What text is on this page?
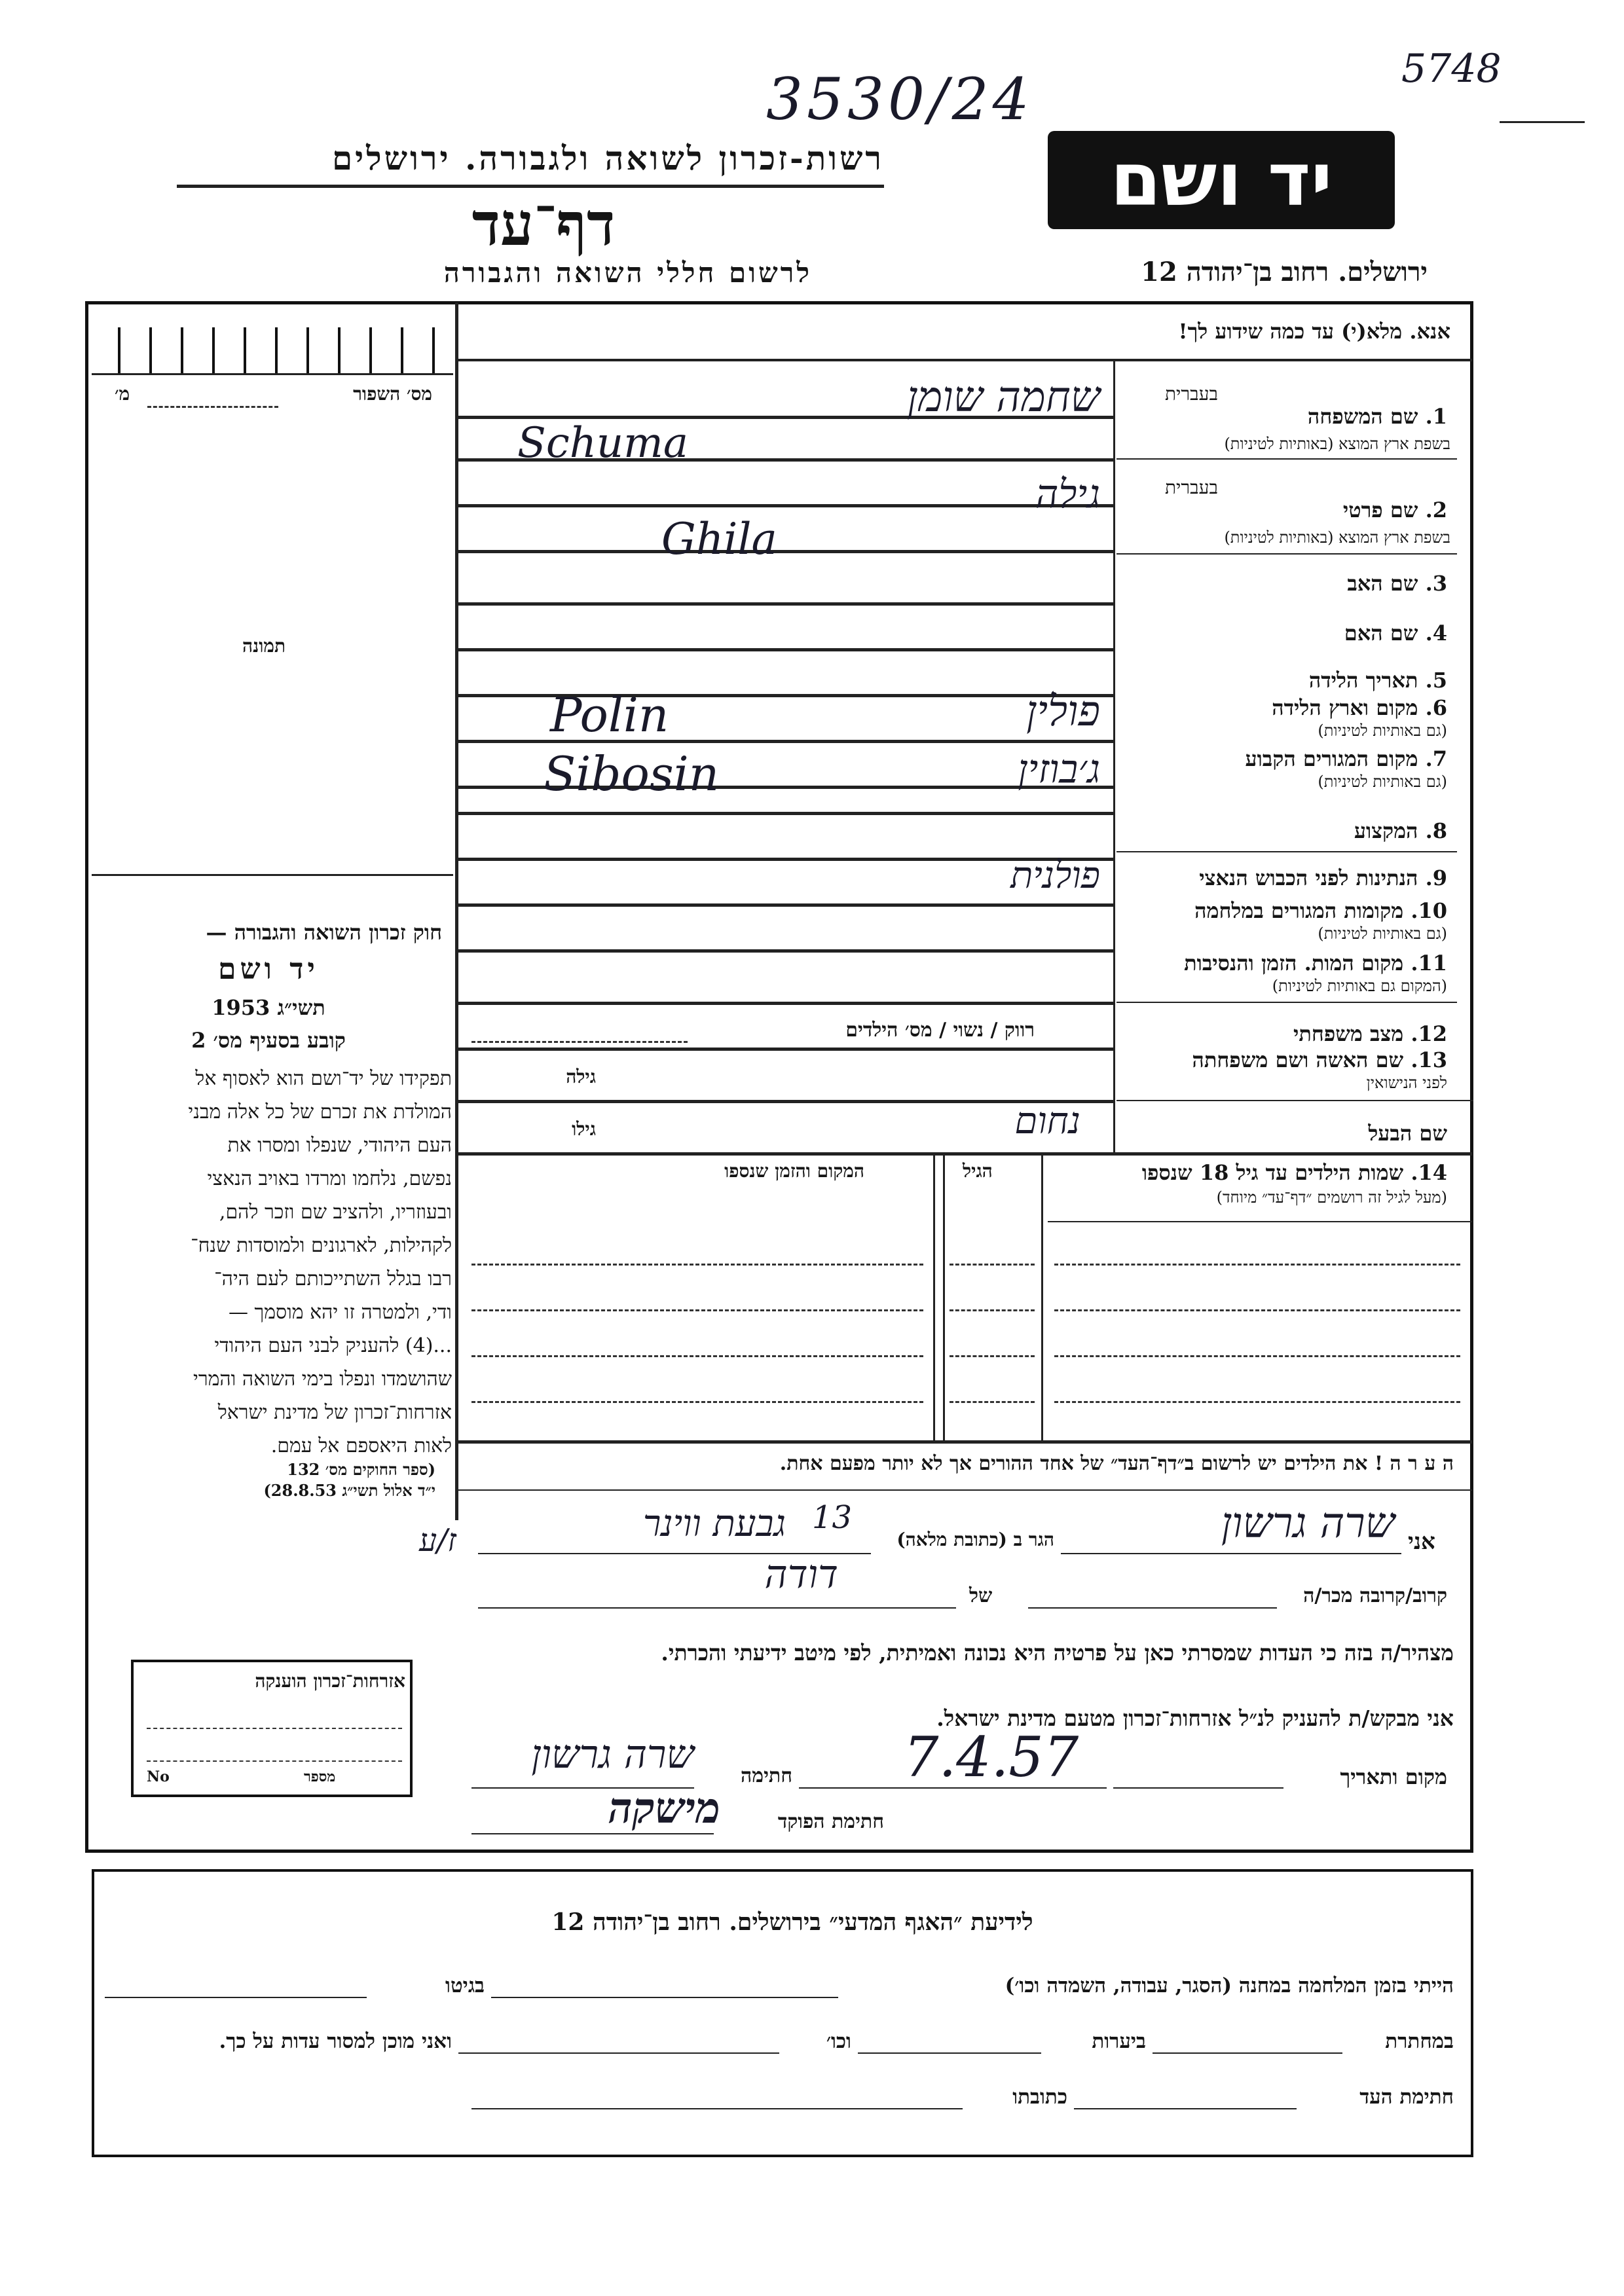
3530/24	5748
רשות-זכרון לשואה ולגבורה. ירושלים	יד ושם
דף־עד
לרשום חללי השואה והגבורה	ירושלים. רחוב בן־יהודה 12
אנא. מלא(י) עד כמה שידוע לך!
מס׳ השפור
מ׳
תמונה
בעברית
1. שם המשפחה
בשפת ארץ המוצא (באותיות לטיניות)
שחמה שומן
Schuma
בעברית
2. שם פרטי
בשפת ארץ המוצא (באותיות לטיניות)
גילה
Ghila
3. שם האב
4. שם האם
5. תאריך הלידה
6. מקום וארץ הלידה
(גם באותיות לטיניות)
פולין
Polin
7. מקום המגורים הקבוע
(גם באותיות לטיניות)
ג׳בוזין
Sibosin
8. המקצוע
9. הנתינות לפני הכבוש הנאצי
פולנית
10. מקומות המגורים במלחמה
(גם באותיות לטיניות)
11. מקום המות. הזמן והנסיבות
(המקום גם באותיות לטיניות)
12. מצב משפחתי
רווק / נשוי / מס׳ הילדים
13. שם האשה ושם משפחתה
לפני הנישואין
גילה
שם הבעל
נחום
גילו
14. שמות הילדים עד גיל 18 שנספו
(מעל לגיל זה רושמים ״דף־עד״ מיוחד)
הגיל
המקום והזמן שנספו
ה ע ר ה ! את הילדים יש לרשום ב״דף־העד״ של אחד ההורים אך לא יותר מפעם אחת.
חוק זכרון השואה והגבורה —
יד ושם
תשי״ג 1953
קובע בסעיף מס׳ 2
תפקידו של יד־ושם הוא לאסוף אל
המולדת את זכרם של כל אלה מבני
העם היהודי, שנפלו ומסרו את
נפשם, נלחמו ומרדו באויב הנאצי
ובעוזריו, ולהציב שם וזכר להם,
לקהילות, לארגונים ולמוסדות שנח־
רבו בגלל השתייכותם לעם היה־
ודי, ולמטרה זו יהא מוסמך —
...(4) להעניק לבני העם היהודי
שהושמדו ונפלו בימי השואה והמרי
אזרחות־זכרון של מדינת ישראל
לאות היאספם אל עמם.
(ספר החוקים מס׳ 132
י״ד אלול תשי״ג 28.8.53)
אני
שרה גרשון
הגר ב (כתובת מלאה)
גבעת ווינר 13
ז/ע
קרוב/קרובה מכר/ה
של
דודה
מצהיר/ה בזה כי העדות שמסרתי כאן על פרטיה היא נכונה ואמיתית, לפי מיטב ידיעתי והכרתי.
אזרחות־זכרון הוענקה
No	מספר
אני מבקש/ת להעניק לנ״ל אזרחות־זכרון מטעם מדינת ישראל.
מקום ותאריך
7.4.57
חתימה
שרה גרשון
חתימת הפוקד
מישקה
לידיעת ״האגף המדעי״ בירושלים. רחוב בן־יהודה 12
הייתי בזמן המלחמה במחנה (הסגר, עבודה, השמדה וכו׳)
בגיטו
במחתרת
ביערות
וכו׳
ואני מוכן למסור עדות על כך.
חתימת העד
כתובתו
